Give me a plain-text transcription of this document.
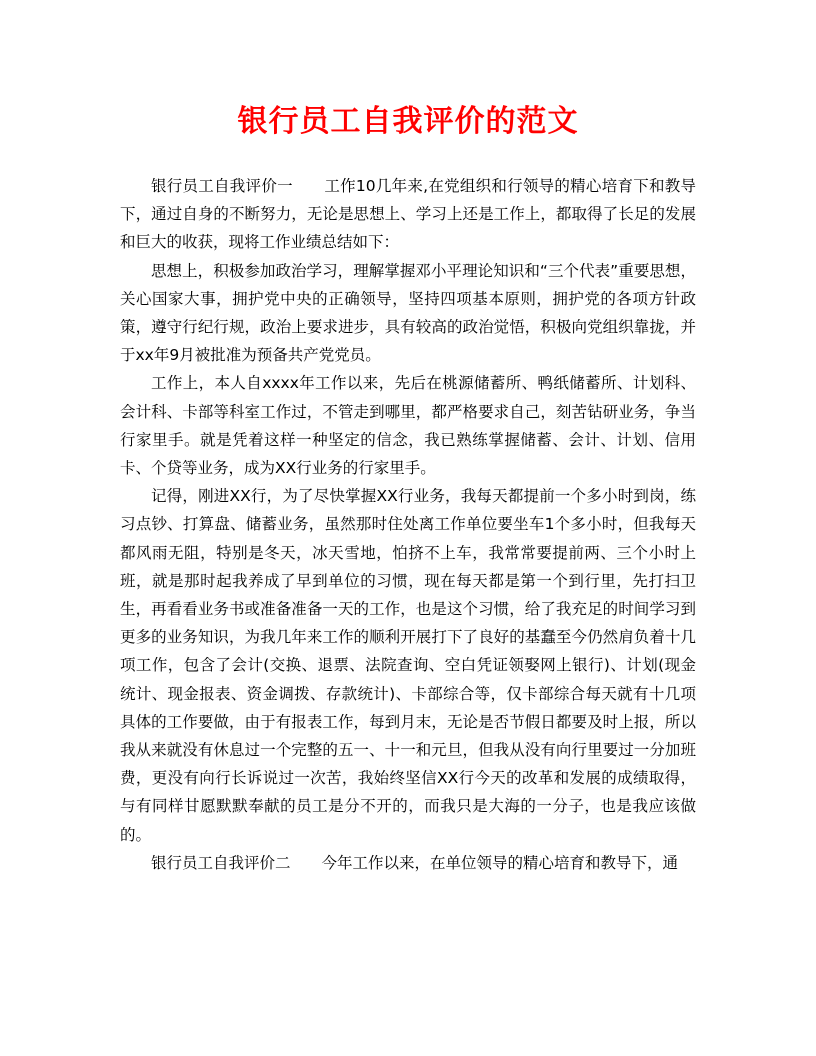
银行员工自我评价的范文

银行员工自我评价一　　工作10几年来,在党组织和行领导的精心培育下和教导下，通过自身的不断努力，无论是思想上、学习上还是工作上，都取得了长足的发展和巨大的收获，现将工作业绩总结如下：

思想上，积极参加政治学习，理解掌握邓小平理论知识和“三个代表”重要思想，关心国家大事，拥护党中央的正确领导，坚持四项基本原则，拥护党的各项方针政策，遵守行纪行规，政治上要求进步，具有较高的政治觉悟，积极向党组织靠拢，并于xx年9月被批准为预备共产党党员。

工作上，本人自xxxx年工作以来，先后在桃源储蓄所、鸭纸储蓄所、计划科、会计科、卡部等科室工作过，不管走到哪里，都严格要求自己，刻苦钻研业务，争当行家里手。就是凭着这样一种坚定的信念，我已熟练掌握储蓄、会计、计划、信用卡、个贷等业务，成为XX行业务的行家里手。

记得，刚进XX行，为了尽快掌握XX行业务，我每天都提前一个多小时到岗，练习点钞、打算盘、储蓄业务，虽然那时住处离工作单位要坐车1个多小时，但我每天都风雨无阻，特别是冬天，冰天雪地，怕挤不上车，我常常要提前两、三个小时上班，就是那时起我养成了早到单位的习惯，现在每天都是第一个到行里，先打扫卫生，再看看业务书或准备准备一天的工作，也是这个习惯，给了我充足的时间学习到更多的业务知识，为我几年来工作的顺利开展打下了良好的基蠢至今仍然肩负着十几项工作，包含了会计(交换、退票、法院查询、空白凭证领娶网上银行)、计划(现金统计、现金报表、资金调拨、存款统计)、卡部综合等，仅卡部综合每天就有十几项具体的工作要做，由于有报表工作，每到月末，无论是否节假日都要及时上报，所以我从来就没有休息过一个完整的五一、十一和元旦，但我从没有向行里要过一分加班费，更没有向行长诉说过一次苦，我始终坚信XX行今天的改革和发展的成绩取得，与有同样甘愿默默奉献的员工是分不开的，而我只是大海的一分子，也是我应该做的。

银行员工自我评价二　　今年工作以来，在单位领导的精心培育和教导下，通
